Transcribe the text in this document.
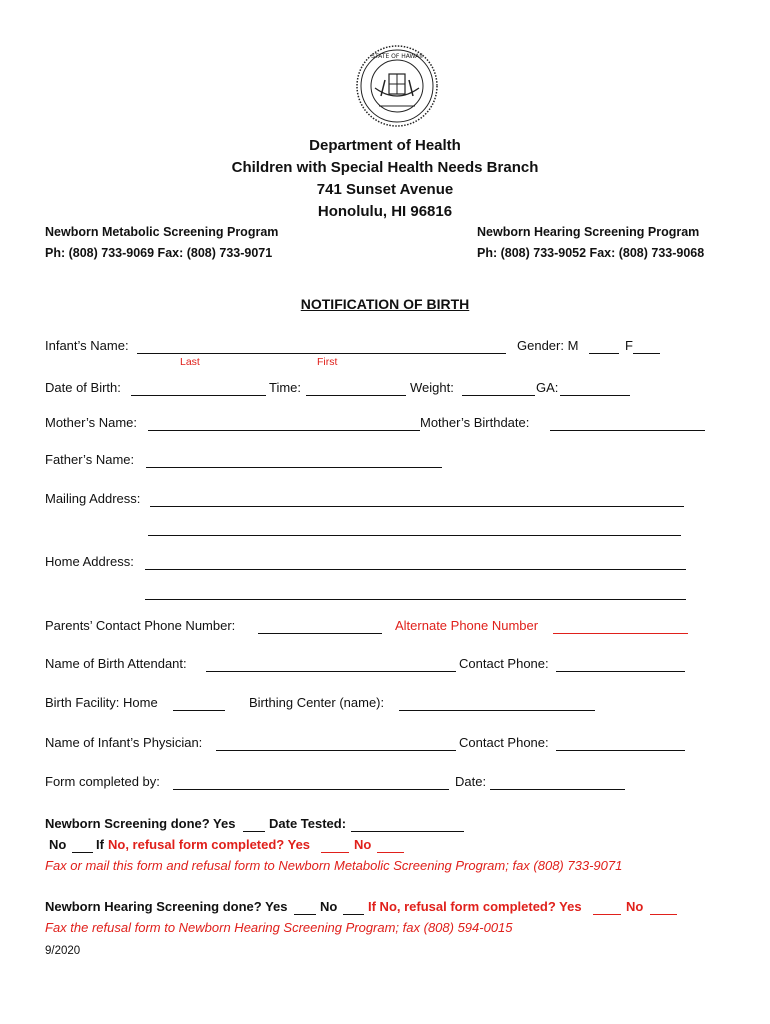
STATE OF HAWAII
Department of Health
Children with Special Health Needs Branch
741 Sunset Avenue
Honolulu, HI 96816
Newborn Metabolic Screening Program
Ph: (808) 733-9069 Fax: (808) 733-9071
Newborn Hearing Screening Program
Ph: (808) 733-9052 Fax: (808) 733-9068
NOTIFICATION OF BIRTH
Infant’s Name:
Last	First
Gender: M	F
Date of Birth:	Time:	Weight:	GA:
Mother’s Name:	Mother’s Birthdate:
Father’s Name:
Mailing Address:
Home Address:
Parents’ Contact Phone Number:	Alternate Phone Number
Name of Birth Attendant:	Contact Phone:
Birth Facility: Home	Birthing Center (name):
Name of Infant’s Physician:	Contact Phone:
Form completed by:	Date:
Newborn Screening done? Yes	Date Tested:
No If No, refusal form completed? Yes	No
Fax or mail this form and refusal form to Newborn Metabolic Screening Program; fax (808) 733-9071
Newborn Hearing Screening done? Yes	No If No, refusal form completed? Yes	No
Fax the refusal form to Newborn Hearing Screening Program; fax (808) 594-0015
9/2020
